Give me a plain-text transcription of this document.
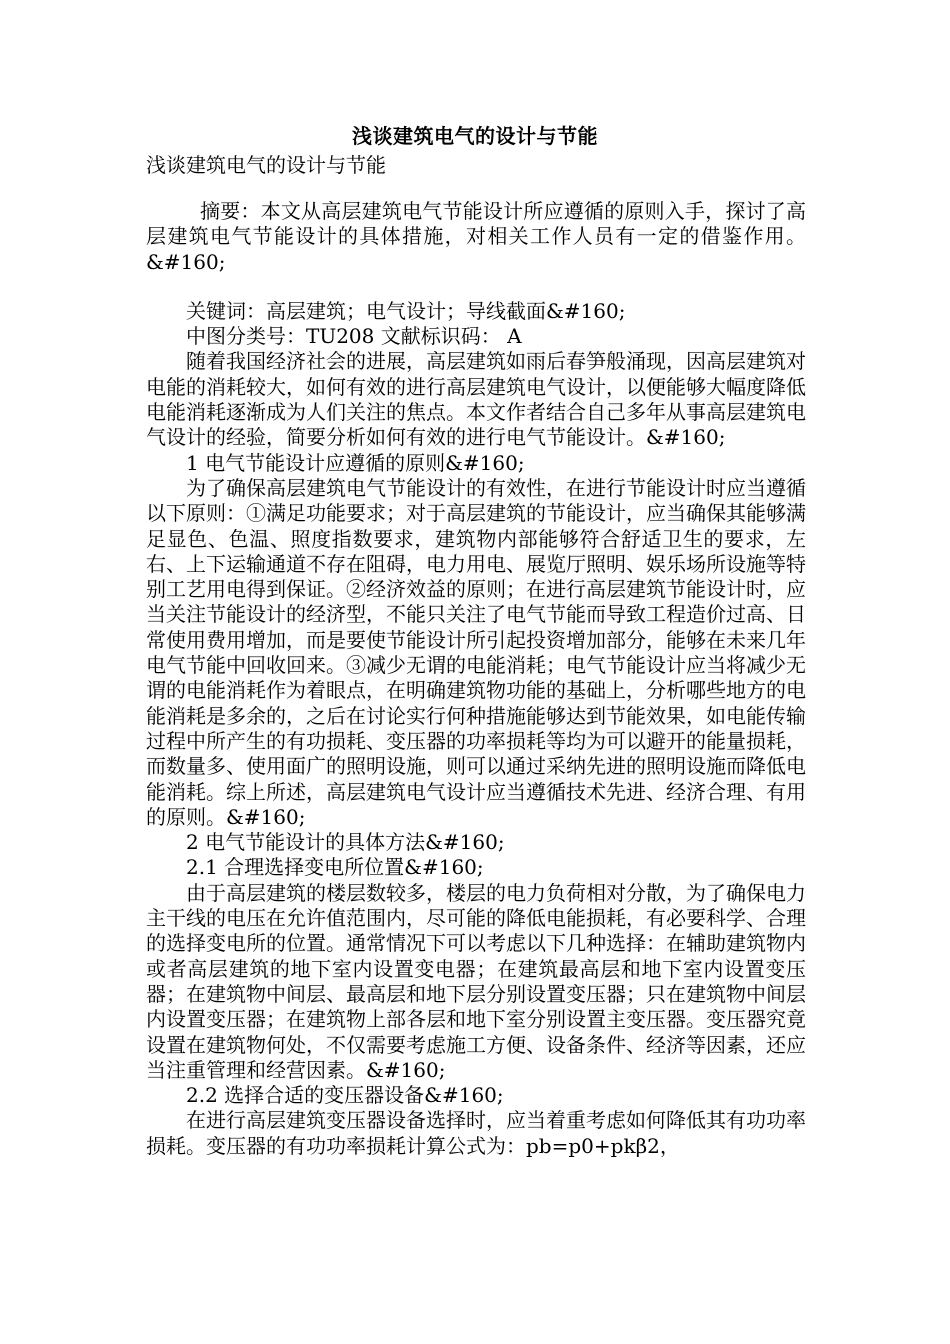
浅谈建筑电气的设计与节能
浅谈建筑电气的设计与节能

摘要：本文从高层建筑电气节能设计所应遵循的原则入手，探讨了高层建筑电气节能设计的具体措施，对相关工作人员有一定的借鉴作用。&#160;

关键词：高层建筑；电气设计；导线截面&#160;

中图分类号：TU208 文献标识码： A

随着我国经济社会的进展，高层建筑如雨后春笋般涌现，因高层建筑对电能的消耗较大，如何有效的进行高层建筑电气设计，以便能够大幅度降低电能消耗逐渐成为人们关注的焦点。本文作者结合自己多年从事高层建筑电气设计的经验，简要分析如何有效的进行电气节能设计。&#160;

1 电气节能设计应遵循的原则&#160;

为了确保高层建筑电气节能设计的有效性，在进行节能设计时应当遵循以下原则：①满足功能要求；对于高层建筑的节能设计，应当确保其能够满足显色、色温、照度指数要求，建筑物内部能够符合舒适卫生的要求，左右、上下运输通道不存在阻碍，电力用电、展览厅照明、娱乐场所设施等特别工艺用电得到保证。②经济效益的原则；在进行高层建筑节能设计时，应当关注节能设计的经济型，不能只关注了电气节能而导致工程造价过高、日常使用费用增加，而是要使节能设计所引起投资增加部分，能够在未来几年电气节能中回收回来。③减少无谓的电能消耗；电气节能设计应当将减少无谓的电能消耗作为着眼点，在明确建筑物功能的基础上，分析哪些地方的电能消耗是多余的，之后在讨论实行何种措施能够达到节能效果，如电能传输过程中所产生的有功损耗、变压器的功率损耗等均为可以避开的能量损耗，而数量多、使用面广的照明设施，则可以通过采纳先进的照明设施而降低电能消耗。综上所述，高层建筑电气设计应当遵循技术先进、经济合理、有用的原则。&#160;

2 电气节能设计的具体方法&#160;

2.1 合理选择变电所位置&#160;

由于高层建筑的楼层数较多，楼层的电力负荷相对分散，为了确保电力主干线的电压在允许值范围内，尽可能的降低电能损耗，有必要科学、合理的选择变电所的位置。通常情况下可以考虑以下几种选择：在辅助建筑物内或者高层建筑的地下室内设置变电器；在建筑最高层和地下室内设置变压器；在建筑物中间层、最高层和地下层分别设置变压器；只在建筑物中间层内设置变压器；在建筑物上部各层和地下室分别设置主变压器。变压器究竟设置在建筑物何处，不仅需要考虑施工方便、设备条件、经济等因素，还应当注重管理和经营因素。&#160;

2.2 选择合适的变压器设备&#160;

在进行高层建筑变压器设备选择时，应当着重考虑如何降低其有功功率损耗。变压器的有功功率损耗计算公式为：pb=p0+pkβ2，
